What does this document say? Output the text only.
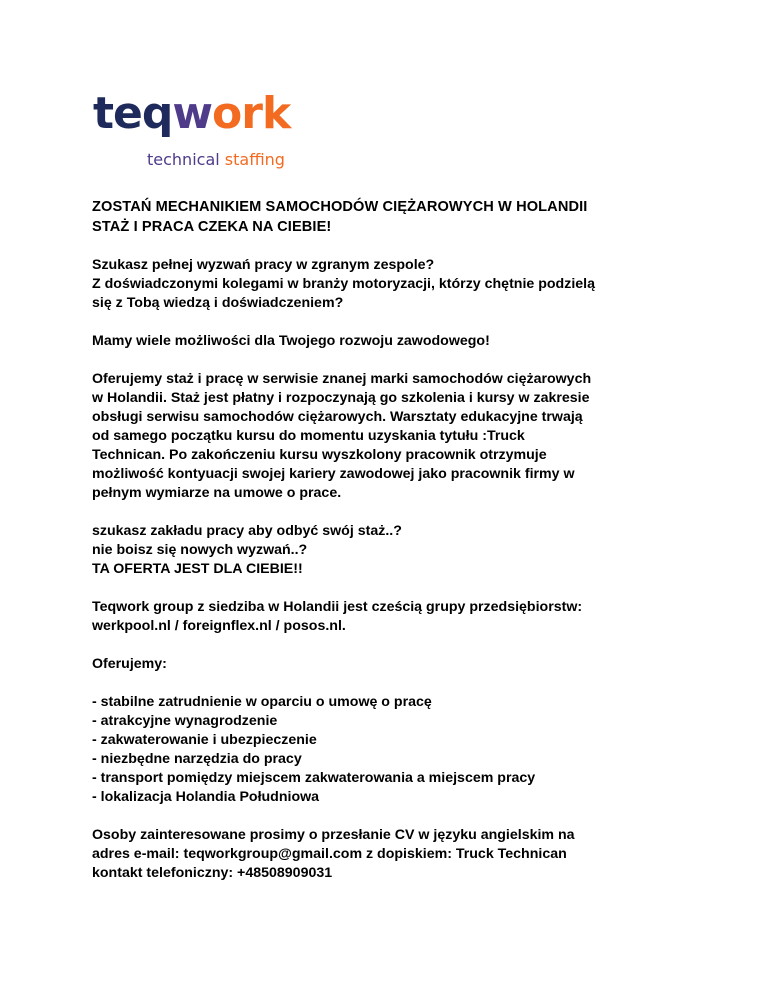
teqwork
technical staffing

ZOSTAŃ MECHANIKIEM SAMOCHODÓW CIĘŻAROWYCH W HOLANDII
STAŻ I PRACA CZEKA NA CIEBIE!

Szukasz pełnej wyzwań pracy w zgranym zespole?
Z doświadczonymi kolegami w branży motoryzacji, którzy chętnie podzielą
się z Tobą wiedzą i doświadczeniem?

Mamy wiele możliwości dla Twojego rozwoju zawodowego!

Oferujemy staż i pracę w serwisie znanej marki samochodów ciężarowych
w Holandii. Staż jest płatny i rozpoczynają go szkolenia i kursy w zakresie
obsługi serwisu samochodów ciężarowych. Warsztaty edukacyjne trwają
od samego początku kursu do momentu uzyskania tytułu :Truck
Technican. Po zakończeniu kursu wyszkolony pracownik otrzymuje
możliwość kontyuacji swojej kariery zawodowej jako pracownik firmy w
pełnym wymiarze na umowe o prace.

szukasz zakładu pracy aby odbyć swój staż..?
nie boisz się nowych wyzwań..?
TA OFERTA JEST DLA CIEBIE!!

Teqwork group z siedziba w Holandii jest cześcią grupy przedsiębiorstw:
werkpool.nl / foreignflex.nl / posos.nl.

Oferujemy:

- stabilne zatrudnienie w oparciu o umowę o pracę
- atrakcyjne wynagrodzenie
- zakwaterowanie i ubezpieczenie
- niezbędne narzędzia do pracy
- transport pomiędzy miejscem zakwaterowania a miejscem pracy
- lokalizacja Holandia Południowa

Osoby zainteresowane prosimy o przesłanie CV w języku angielskim na
adres e-mail: teqworkgroup@gmail.com z dopiskiem: Truck Technican
kontakt telefoniczny: +48508909031
